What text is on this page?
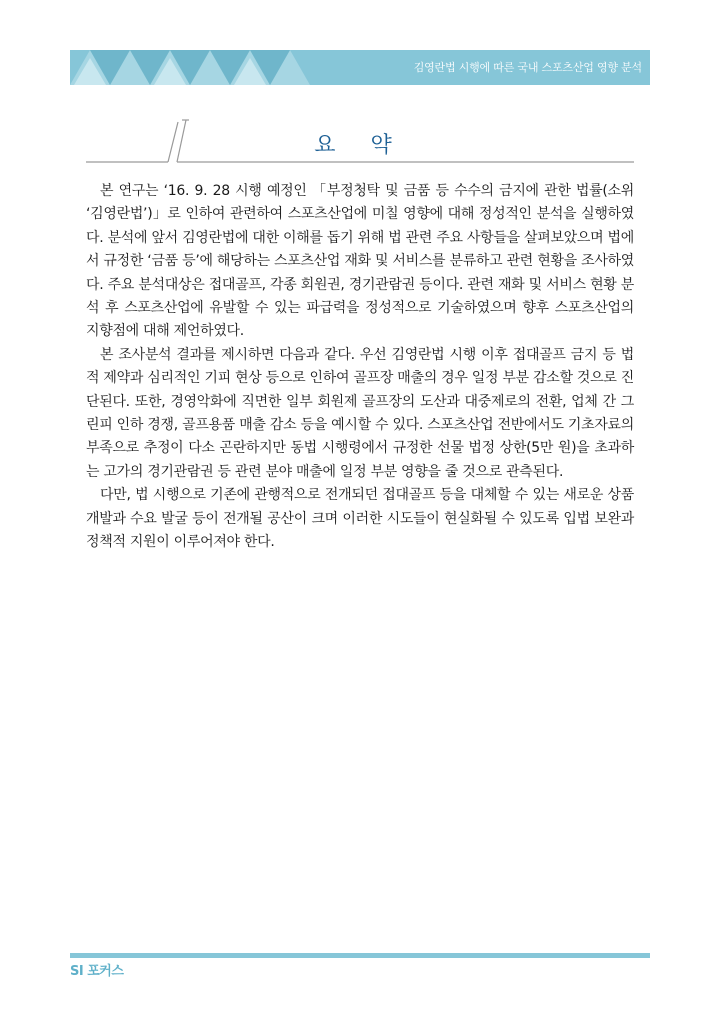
김영란법 시행에 따른 국내 스포츠산업 영향 분석
요 약

본 연구는 ‘16. 9. 28 시행 예정인 「부정청탁 및 금품 등 수수의 금지에 관한 법률(소위 ‘김영란법’)」로 인하여 관련하여 스포츠산업에 미칠 영향에 대해 정성적인 분석을 실행하였다. 분석에 앞서 김영란법에 대한 이해를 돕기 위해 법 관련 주요 사항들을 살펴보았으며 법에서 규정한 ‘금품 등’에 해당하는 스포츠산업 재화 및 서비스를 분류하고 관련 현황을 조사하였다. 주요 분석대상은 접대골프, 각종 회원권, 경기관람권 등이다. 관련 재화 및 서비스 현황 분석 후 스포츠산업에 유발할 수 있는 파급력을 정성적으로 기술하였으며 향후 스포츠산업의 지향점에 대해 제언하였다.

본 조사분석 결과를 제시하면 다음과 같다. 우선 김영란법 시행 이후 접대골프 금지 등 법적 제약과 심리적인 기피 현상 등으로 인하여 골프장 매출의 경우 일정 부분 감소할 것으로 진단된다. 또한, 경영악화에 직면한 일부 회원제 골프장의 도산과 대중제로의 전환, 업체 간 그린피 인하 경쟁, 골프용품 매출 감소 등을 예시할 수 있다. 스포츠산업 전반에서도 기초자료의 부족으로 추정이 다소 곤란하지만 동법 시행령에서 규정한 선물 법정 상한(5만 원)을 초과하는 고가의 경기관람권 등 관련 분야 매출에 일정 부분 영향을 줄 것으로 관측된다.

다만, 법 시행으로 기존에 관행적으로 전개되던 접대골프 등을 대체할 수 있는 새로운 상품개발과 수요 발굴 등이 전개될 공산이 크며 이러한 시도들이 현실화될 수 있도록 입법 보완과 정책적 지원이 이루어져야 한다.

SI 포커스
